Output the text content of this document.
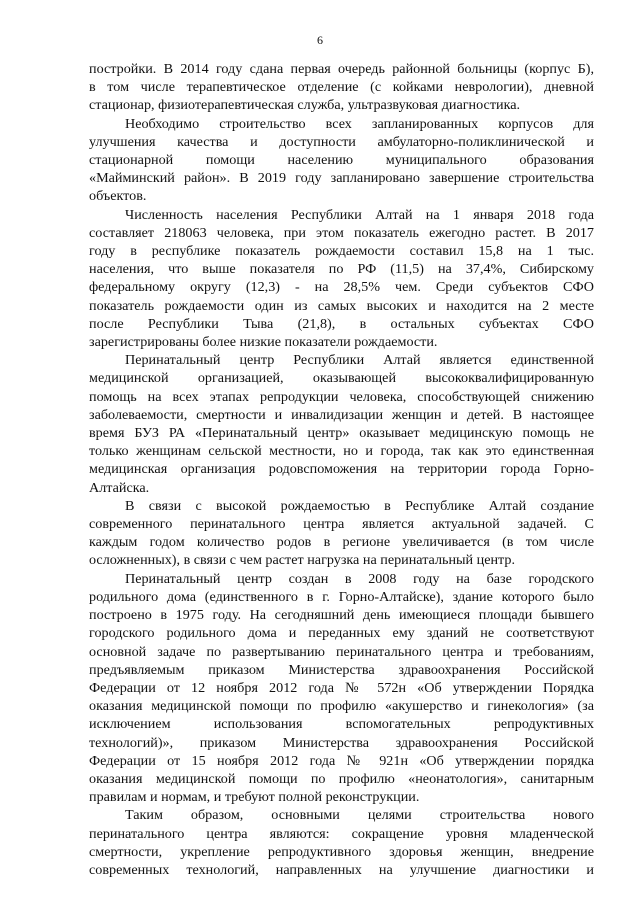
6

постройки. В 2014 году сдана первая очередь районной больницы (корпус Б),
в том числе терапевтическое отделение (с койками неврологии), дневной
стационар, физиотерапевтическая служба, ультразвуковая диагностика.

Необходимо строительство всех запланированных корпусов для
улучшения качества и доступности амбулаторно-поликлинической и
стационарной помощи населению муниципального образования
«Майминский район». В 2019 году запланировано завершение строительства
объектов.

Численность населения Республики Алтай на 1 января 2018 года
составляет 218063 человека, при этом показатель ежегодно растет. В 2017
году в республике показатель рождаемости составил 15,8 на 1 тыс.
населения, что выше показателя по РФ (11,5) на 37,4%, Сибирскому
федеральному округу (12,3) - на 28,5% чем. Среди субъектов СФО
показатель рождаемости один из самых высоких и находится на 2 месте
после Республики Тыва (21,8), в остальных субъектах СФО
зарегистрированы более низкие показатели рождаемости.

Перинатальный центр Республики Алтай является единственной
медицинской организацией, оказывающей высококвалифицированную
помощь на всех этапах репродукции человека, способствующей снижению
заболеваемости, смертности и инвалидизации женщин и детей. В настоящее
время БУЗ РА «Перинатальный центр» оказывает медицинскую помощь не
только женщинам сельской местности, но и города, так как это единственная
медицинская организация родовспоможения на территории города Горно-
Алтайска.

В связи с высокой рождаемостью в Республике Алтай создание
современного перинатального центра является актуальной задачей. С
каждым годом количество родов в регионе увеличивается (в том числе
осложненных), в связи с чем растет нагрузка на перинатальный центр.

Перинатальный центр создан в 2008 году на базе городского
родильного дома (единственного в г. Горно-Алтайске), здание которого было
построено в 1975 году. На сегодняшний день имеющиеся площади бывшего
городского родильного дома и переданных ему зданий не соответствуют
основной задаче по развертыванию перинатального центра и требованиям,
предъявляемым приказом Министерства здравоохранения Российской
Федерации от 12 ноября 2012 года № 572н «Об утверждении Порядка
оказания медицинской помощи по профилю «акушерство и гинекология» (за
исключением использования вспомогательных репродуктивных
технологий)», приказом Министерства здравоохранения Российской
Федерации от 15 ноября 2012 года № 921н «Об утверждении порядка
оказания медицинской помощи по профилю «неонатология», санитарным
правилам и нормам, и требуют полной реконструкции.

Таким образом, основными целями строительства нового
перинатального центра являются: сокращение уровня младенческой
смертности, укрепление репродуктивного здоровья женщин, внедрение
современных технологий, направленных на улучшение диагностики и
